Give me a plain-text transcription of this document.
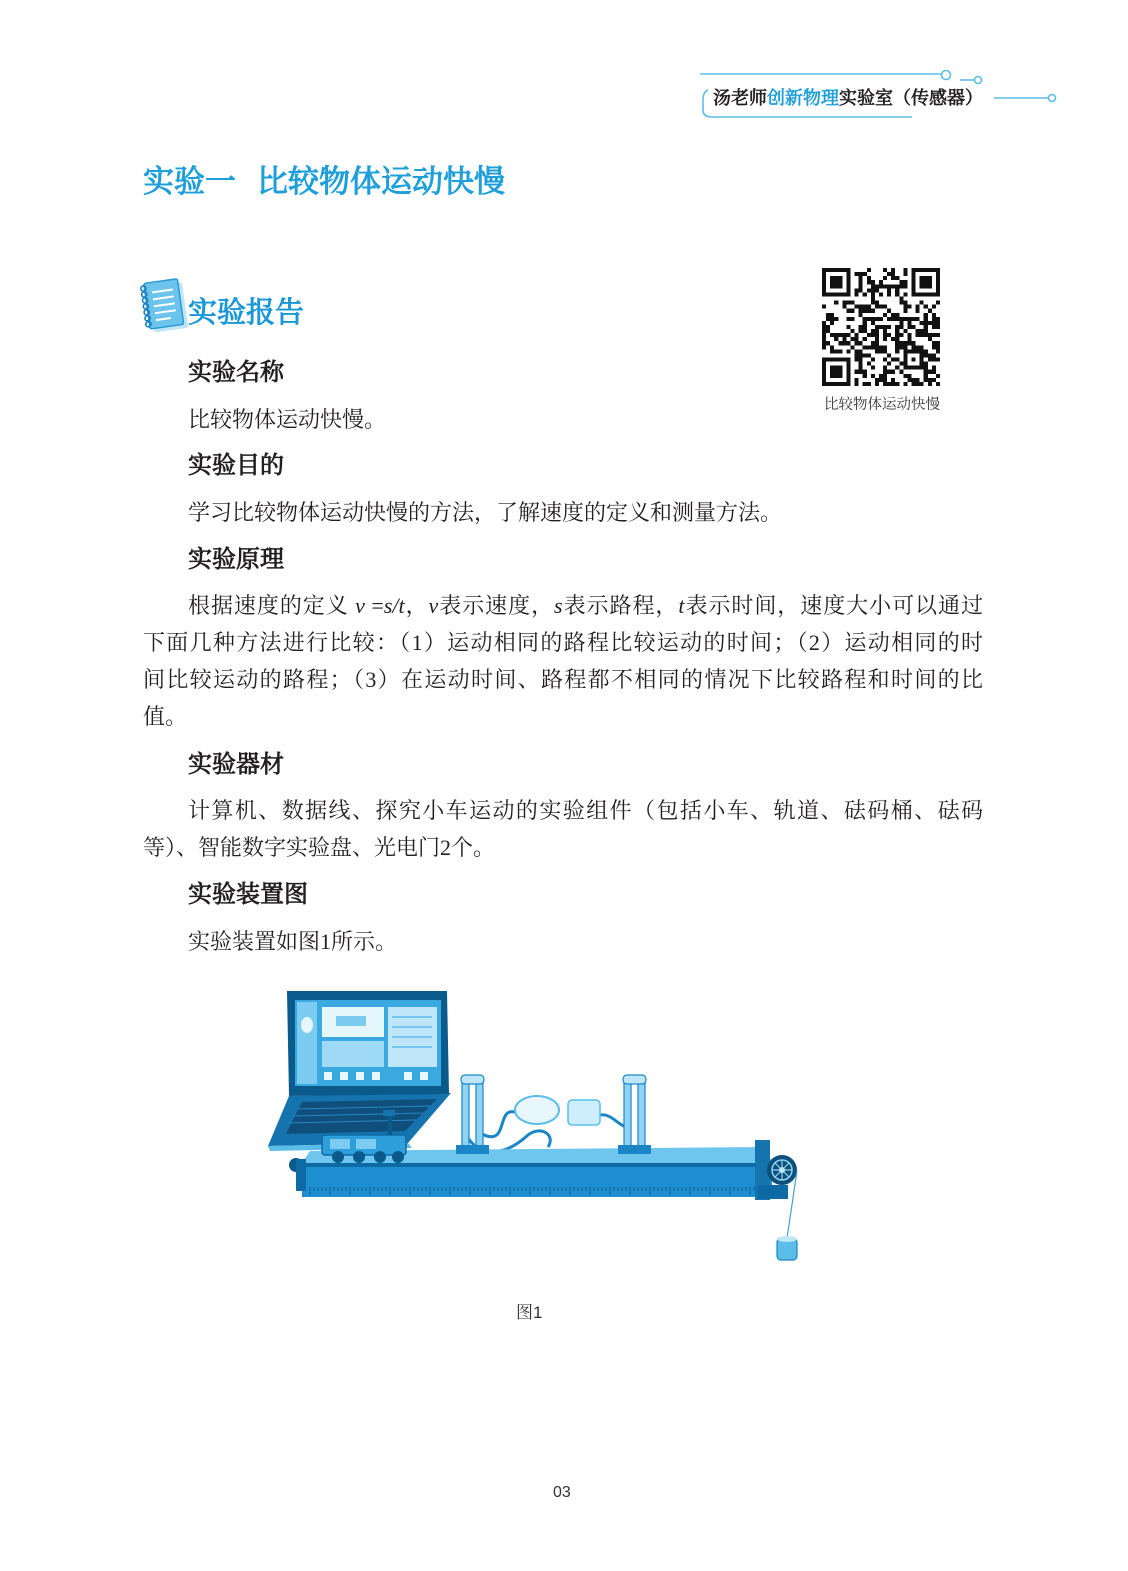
汤老师创新物理实验室（传感器）
实验一 比较物体运动快慢
实验报告
比较物体运动快慢
实验名称
比较物体运动快慢。
实验目的
学习比较物体运动快慢的方法，了解速度的定义和测量方法。
实验原理
根据速度的定义 v =s/t，v表示速度，s表示路程，t表示时间，速度大小可以通过
下面几种方法进行比较：（1）运动相同的路程比较运动的时间；（2）运动相同的时
间比较运动的路程；（3）在运动时间、路程都不相同的情况下比较路程和时间的比
值。
实验器材
计算机、数据线、探究小车运动的实验组件（包括小车、轨道、砝码桶、砝码
等）、智能数字实验盘、光电门2个。
实验装置图
实验装置如图1所示。
图1
03
